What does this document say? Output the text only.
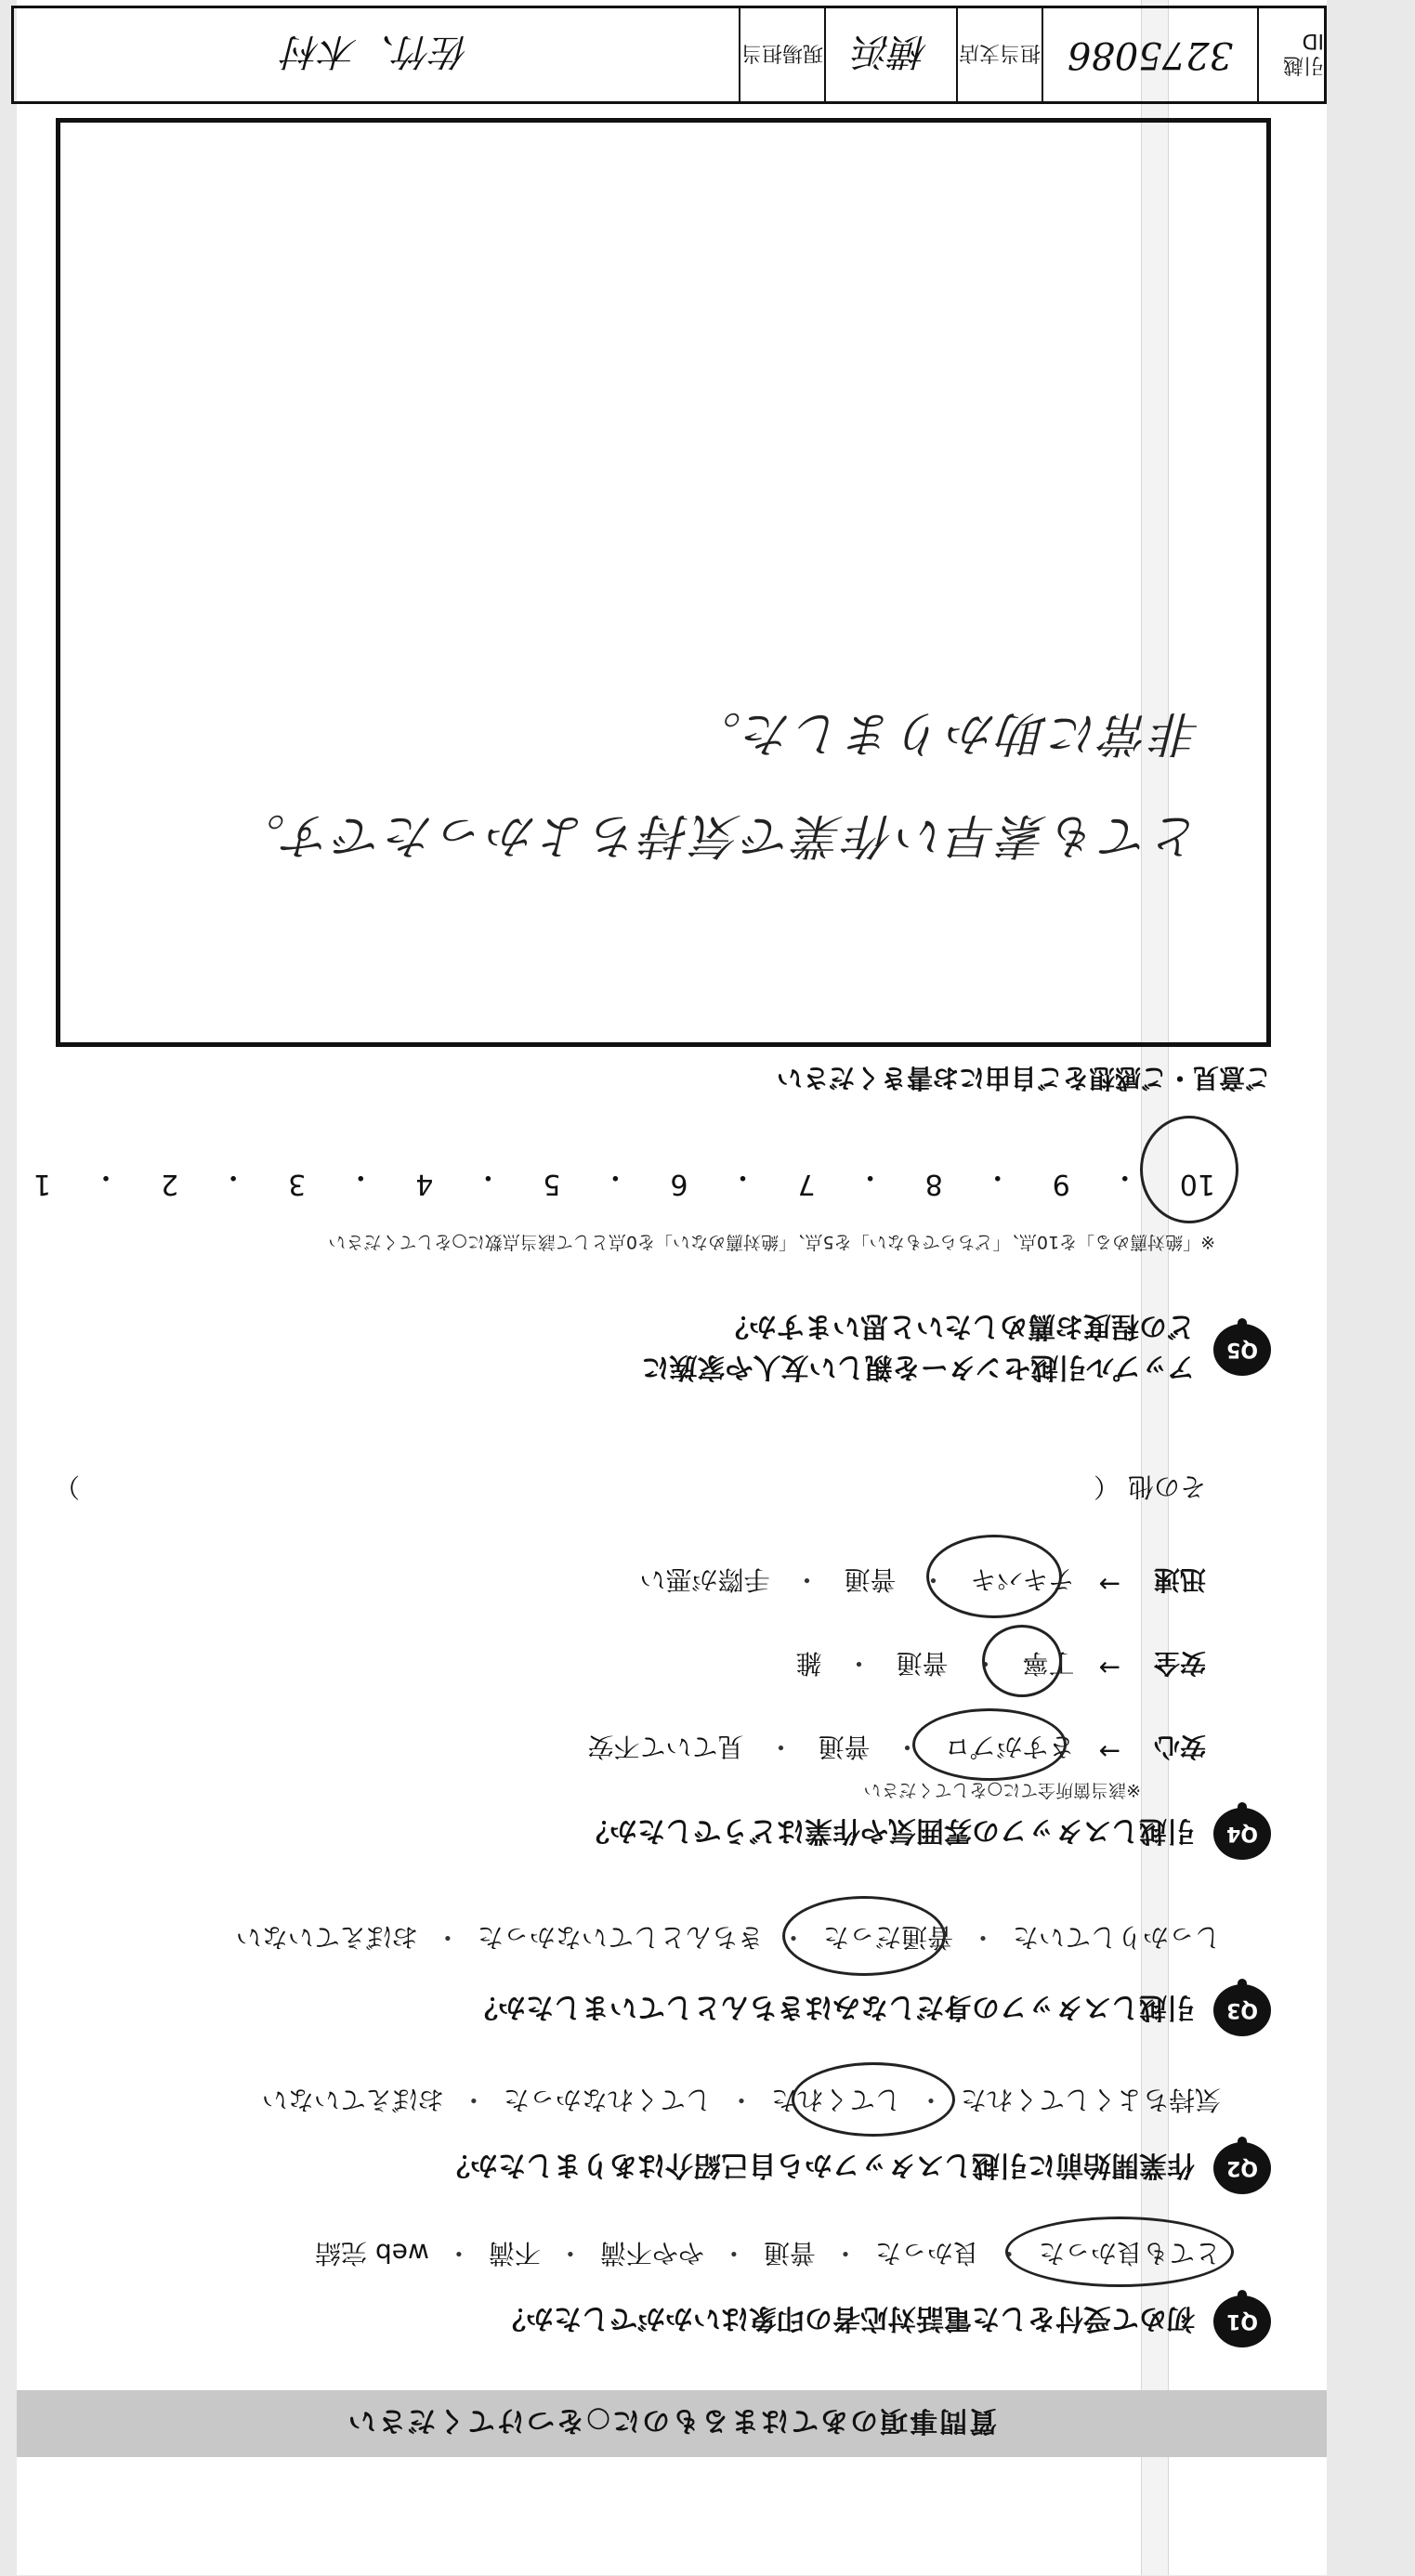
質問事項のあてはまるものに○をつけてください
Q1
初めて受付をした電話対応者の印象はいかがでしたか？
とても良かった
・
良かった
・
普通
・
やや不満
・
不満
・
web 完結
Q2
作業開始前に引越しスタッフから自己紹介はありましたか？
気持ちよくしてくれた
・
してくれた
・
してくれなかった
・
おぼえていない
Q3
引越しスタッフの身だしなみはきちんとしていましたか？
しっかりしていた
・
普通だった
・
きちんとしていなかった
・
おぼえていない
Q4
引越しスタッフの雰囲気や作業はどうでしたか？
※該当箇所全てに○をしてください
安心
→
さすがプロ
・
普通
・
見ていて不安
安全
→
丁寧
・
普通
・
雑
迅速
→
テキパキ
・
普通
・
手際が悪い
その他 （
）
Q5
アップル引越センターを親しい友人や家族に
どの程度お薦めしたいと思いますか？
※「絶対薦める」を10点、「どちらでもない」を5点、「絶対薦めない」を0点として該当点数に○をしてください
10
・
9
・
8
・
7
・
6
・
5
・
4
・
3
・
2
・
1
ご意見・ご感想をご自由にお書きください
とても素早い作業で気持ちよかったです。
非常に助かりました。
引越 ID
3275086
担当支店
横浜
現場担当
佐竹、木村
